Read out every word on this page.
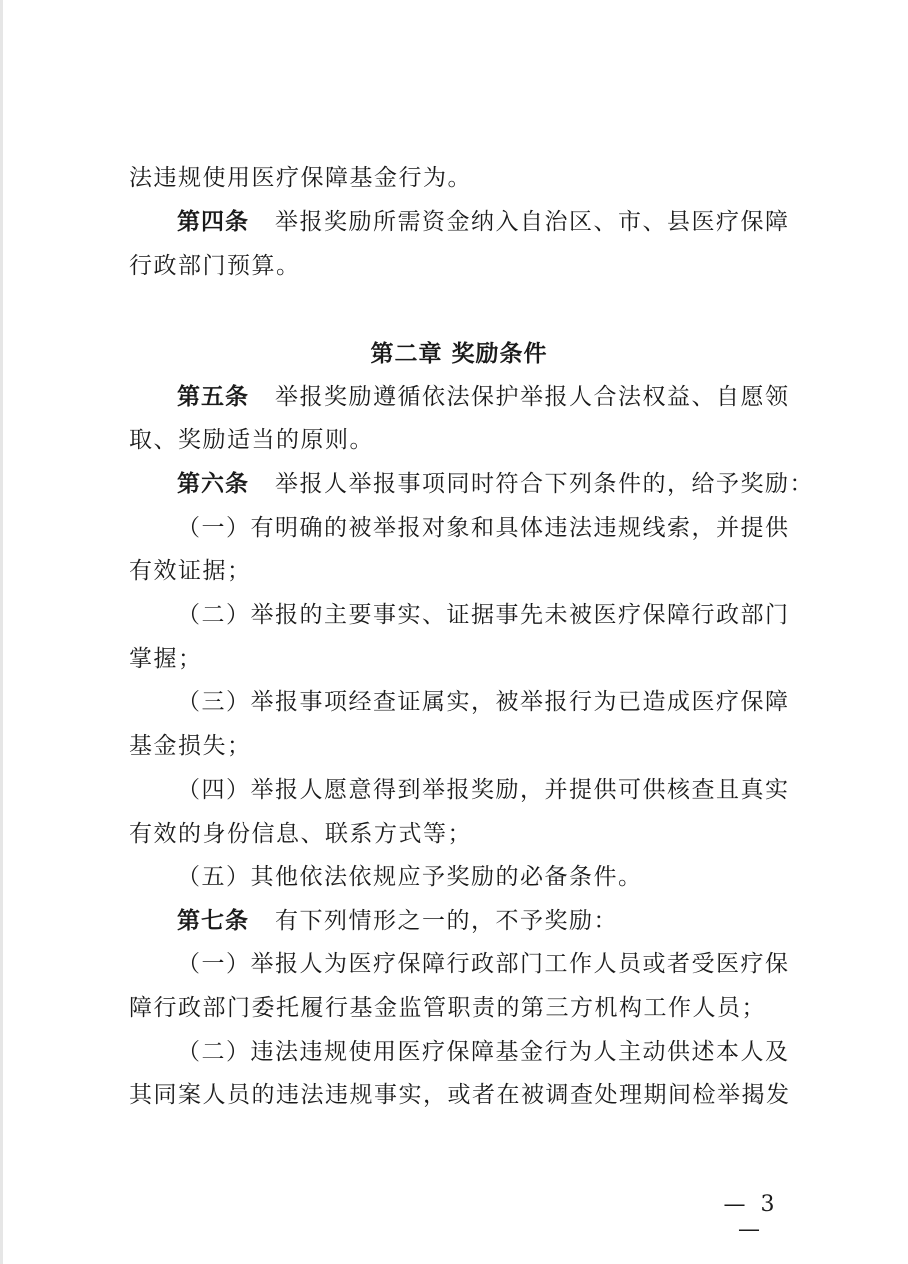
法违规使用医疗保障基金行为。
第四条 举报奖励所需资金纳入自治区、市、县医疗保障
行政部门预算。
第二章 奖励条件
第五条 举报奖励遵循依法保护举报人合法权益、自愿领
取、奖励适当的原则。
第六条 举报人举报事项同时符合下列条件的，给予奖励：
（一）有明确的被举报对象和具体违法违规线索，并提供
有效证据；
（二）举报的主要事实、证据事先未被医疗保障行政部门
掌握；
（三）举报事项经查证属实，被举报行为已造成医疗保障
基金损失；
（四）举报人愿意得到举报奖励，并提供可供核查且真实
有效的身份信息、联系方式等；
（五）其他依法依规应予奖励的必备条件。
第七条 有下列情形之一的，不予奖励：
（一）举报人为医疗保障行政部门工作人员或者受医疗保
障行政部门委托履行基金监管职责的第三方机构工作人员；
（二）违法违规使用医疗保障基金行为人主动供述本人及
其同案人员的违法违规事实，或者在被调查处理期间检举揭发
— 3 —
